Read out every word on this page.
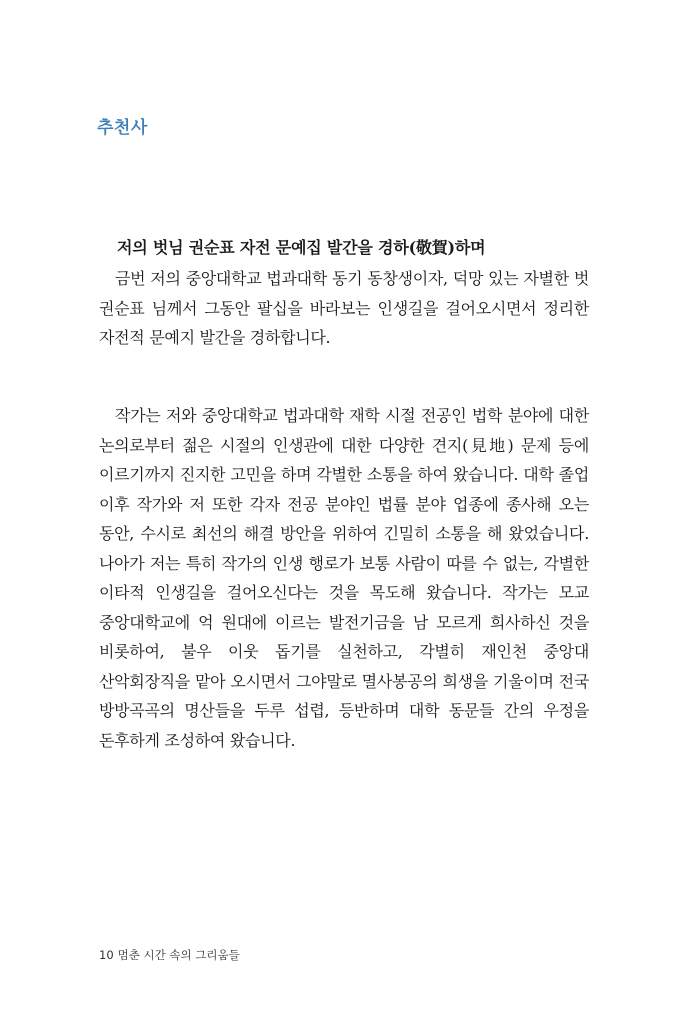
추천사
저의 벗님 권순표 자전 문예집 발간을 경하(敬賀)하며

금번 저의 중앙대학교 법과대학 동기 동창생이자, 덕망 있는 자별한 벗 권순표 님께서 그동안 팔십을 바라보는 인생길을 걸어오시면서 정리한 자전적 문예지 발간을 경하합니다.

작가는 저와 중앙대학교 법과대학 재학 시절 전공인 법학 분야에 대한 논의로부터 젊은 시절의 인생관에 대한 다양한 견지(見地) 문제 등에 이르기까지 진지한 고민을 하며 각별한 소통을 하여 왔습니다. 대학 졸업 이후 작가와 저 또한 각자 전공 분야인 법률 분야 업종에 종사해 오는 동안, 수시로 최선의 해결 방안을 위하여 긴밀히 소통을 해 왔었습니다. 나아가 저는 특히 작가의 인생 행로가 보통 사람이 따를 수 없는, 각별한 이타적 인생길을 걸어오신다는 것을 목도해 왔습니다. 작가는 모교 중앙대학교에 억 원대에 이르는 발전기금을 남 모르게 희사하신 것을 비롯하여, 불우 이웃 돕기를 실천하고, 각별히 재인천 중앙대 산악회장직을 맡아 오시면서 그야말로 멸사봉공의 희생을 기울이며 전국 방방곡곡의 명산들을 두루 섭렵, 등반하며 대학 동문들 간의 우정을 돈후하게 조성하여 왔습니다.

10 멈춘 시간 속의 그리움들
